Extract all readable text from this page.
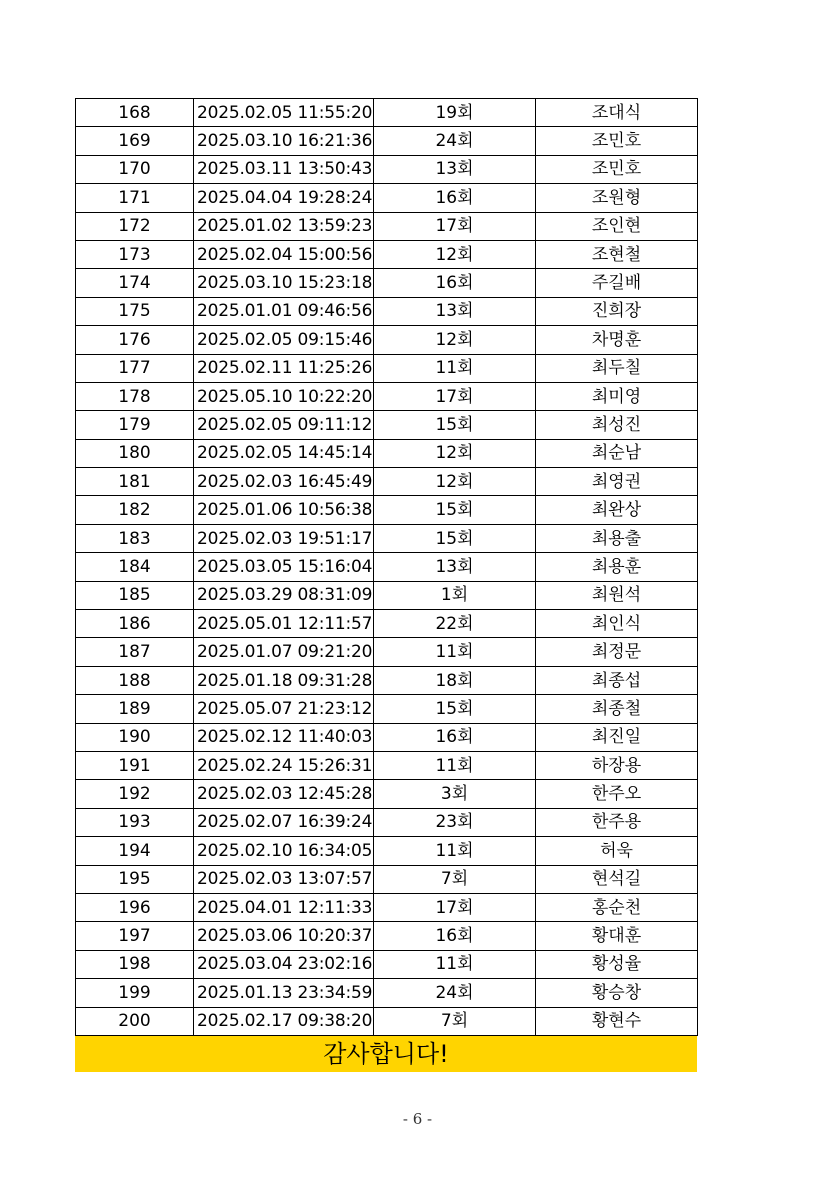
168	2025.02.05 11:55:20	19회	조대식
169	2025.03.10 16:21:36	24회	조민호
170	2025.03.11 13:50:43	13회	조민호
171	2025.04.04 19:28:24	16회	조원형
172	2025.01.02 13:59:23	17회	조인현
173	2025.02.04 15:00:56	12회	조현철
174	2025.03.10 15:23:18	16회	주길배
175	2025.01.01 09:46:56	13회	진희장
176	2025.02.05 09:15:46	12회	차명훈
177	2025.02.11 11:25:26	11회	최두칠
178	2025.05.10 10:22:20	17회	최미영
179	2025.02.05 09:11:12	15회	최성진
180	2025.02.05 14:45:14	12회	최순남
181	2025.02.03 16:45:49	12회	최영권
182	2025.01.06 10:56:38	15회	최완상
183	2025.02.03 19:51:17	15회	최용출
184	2025.03.05 15:16:04	13회	최용훈
185	2025.03.29 08:31:09	1회	최원석
186	2025.05.01 12:11:57	22회	최인식
187	2025.01.07 09:21:20	11회	최정문
188	2025.01.18 09:31:28	18회	최종섭
189	2025.05.07 21:23:12	15회	최종철
190	2025.02.12 11:40:03	16회	최진일
191	2025.02.24 15:26:31	11회	하장용
192	2025.02.03 12:45:28	3회	한주오
193	2025.02.07 16:39:24	23회	한주용
194	2025.02.10 16:34:05	11회	허욱
195	2025.02.03 13:07:57	7회	현석길
196	2025.04.01 12:11:33	17회	홍순천
197	2025.03.06 10:20:37	16회	황대훈
198	2025.03.04 23:02:16	11회	황성율
199	2025.01.13 23:34:59	24회	황승창
200	2025.02.17 09:38:20	7회	황현수
감사합니다!
- 6 -
